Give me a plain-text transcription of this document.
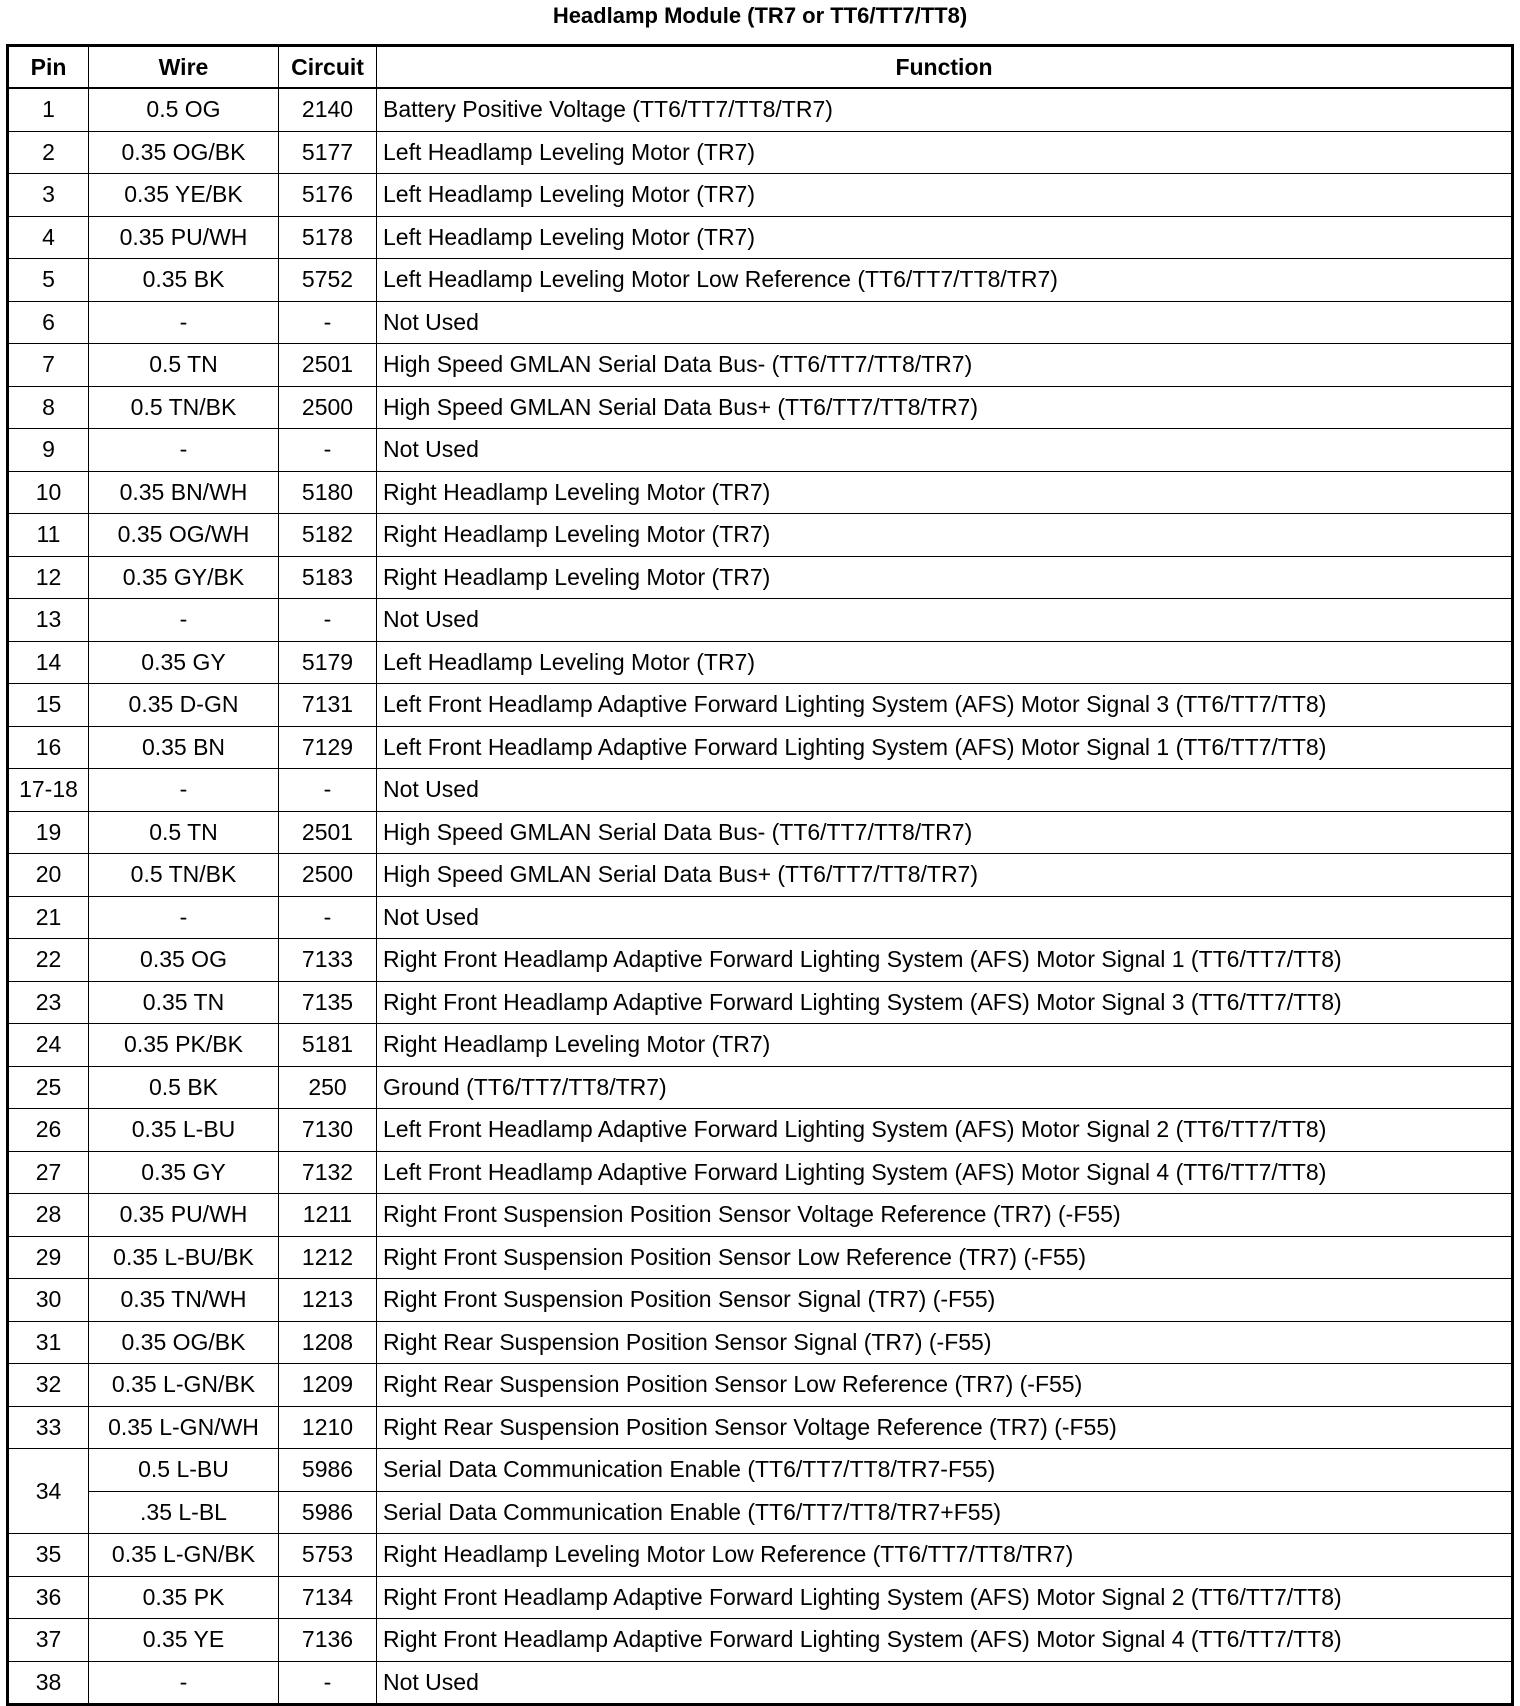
Headlamp Module (TR7 or TT6/TT7/TT8)
Pin	Wire	Circuit	Function
1	0.5 OG	2140	Battery Positive Voltage (TT6/TT7/TT8/TR7)
2	0.35 OG/BK	5177	Left Headlamp Leveling Motor (TR7)
3	0.35 YE/BK	5176	Left Headlamp Leveling Motor (TR7)
4	0.35 PU/WH	5178	Left Headlamp Leveling Motor (TR7)
5	0.35 BK	5752	Left Headlamp Leveling Motor Low Reference (TT6/TT7/TT8/TR7)
6	-	-	Not Used
7	0.5 TN	2501	High Speed GMLAN Serial Data Bus- (TT6/TT7/TT8/TR7)
8	0.5 TN/BK	2500	High Speed GMLAN Serial Data Bus+ (TT6/TT7/TT8/TR7)
9	-	-	Not Used
10	0.35 BN/WH	5180	Right Headlamp Leveling Motor (TR7)
11	0.35 OG/WH	5182	Right Headlamp Leveling Motor (TR7)
12	0.35 GY/BK	5183	Right Headlamp Leveling Motor (TR7)
13	-	-	Not Used
14	0.35 GY	5179	Left Headlamp Leveling Motor (TR7)
15	0.35 D-GN	7131	Left Front Headlamp Adaptive Forward Lighting System (AFS) Motor Signal 3 (TT6/TT7/TT8)
16	0.35 BN	7129	Left Front Headlamp Adaptive Forward Lighting System (AFS) Motor Signal 1 (TT6/TT7/TT8)
17-18	-	-	Not Used
19	0.5 TN	2501	High Speed GMLAN Serial Data Bus- (TT6/TT7/TT8/TR7)
20	0.5 TN/BK	2500	High Speed GMLAN Serial Data Bus+ (TT6/TT7/TT8/TR7)
21	-	-	Not Used
22	0.35 OG	7133	Right Front Headlamp Adaptive Forward Lighting System (AFS) Motor Signal 1 (TT6/TT7/TT8)
23	0.35 TN	7135	Right Front Headlamp Adaptive Forward Lighting System (AFS) Motor Signal 3 (TT6/TT7/TT8)
24	0.35 PK/BK	5181	Right Headlamp Leveling Motor (TR7)
25	0.5 BK	250	Ground (TT6/TT7/TT8/TR7)
26	0.35 L-BU	7130	Left Front Headlamp Adaptive Forward Lighting System (AFS) Motor Signal 2 (TT6/TT7/TT8)
27	0.35 GY	7132	Left Front Headlamp Adaptive Forward Lighting System (AFS) Motor Signal 4 (TT6/TT7/TT8)
28	0.35 PU/WH	1211	Right Front Suspension Position Sensor Voltage Reference (TR7) (-F55)
29	0.35 L-BU/BK	1212	Right Front Suspension Position Sensor Low Reference (TR7) (-F55)
30	0.35 TN/WH	1213	Right Front Suspension Position Sensor Signal (TR7) (-F55)
31	0.35 OG/BK	1208	Right Rear Suspension Position Sensor Signal (TR7) (-F55)
32	0.35 L-GN/BK	1209	Right Rear Suspension Position Sensor Low Reference (TR7) (-F55)
33	0.35 L-GN/WH	1210	Right Rear Suspension Position Sensor Voltage Reference (TR7) (-F55)
34	0.5 L-BU	5986	Serial Data Communication Enable (TT6/TT7/TT8/TR7-F55)
	.35 L-BL	5986	Serial Data Communication Enable (TT6/TT7/TT8/TR7+F55)
35	0.35 L-GN/BK	5753	Right Headlamp Leveling Motor Low Reference (TT6/TT7/TT8/TR7)
36	0.35 PK	7134	Right Front Headlamp Adaptive Forward Lighting System (AFS) Motor Signal 2 (TT6/TT7/TT8)
37	0.35 YE	7136	Right Front Headlamp Adaptive Forward Lighting System (AFS) Motor Signal 4 (TT6/TT7/TT8)
38	-	-	Not Used
